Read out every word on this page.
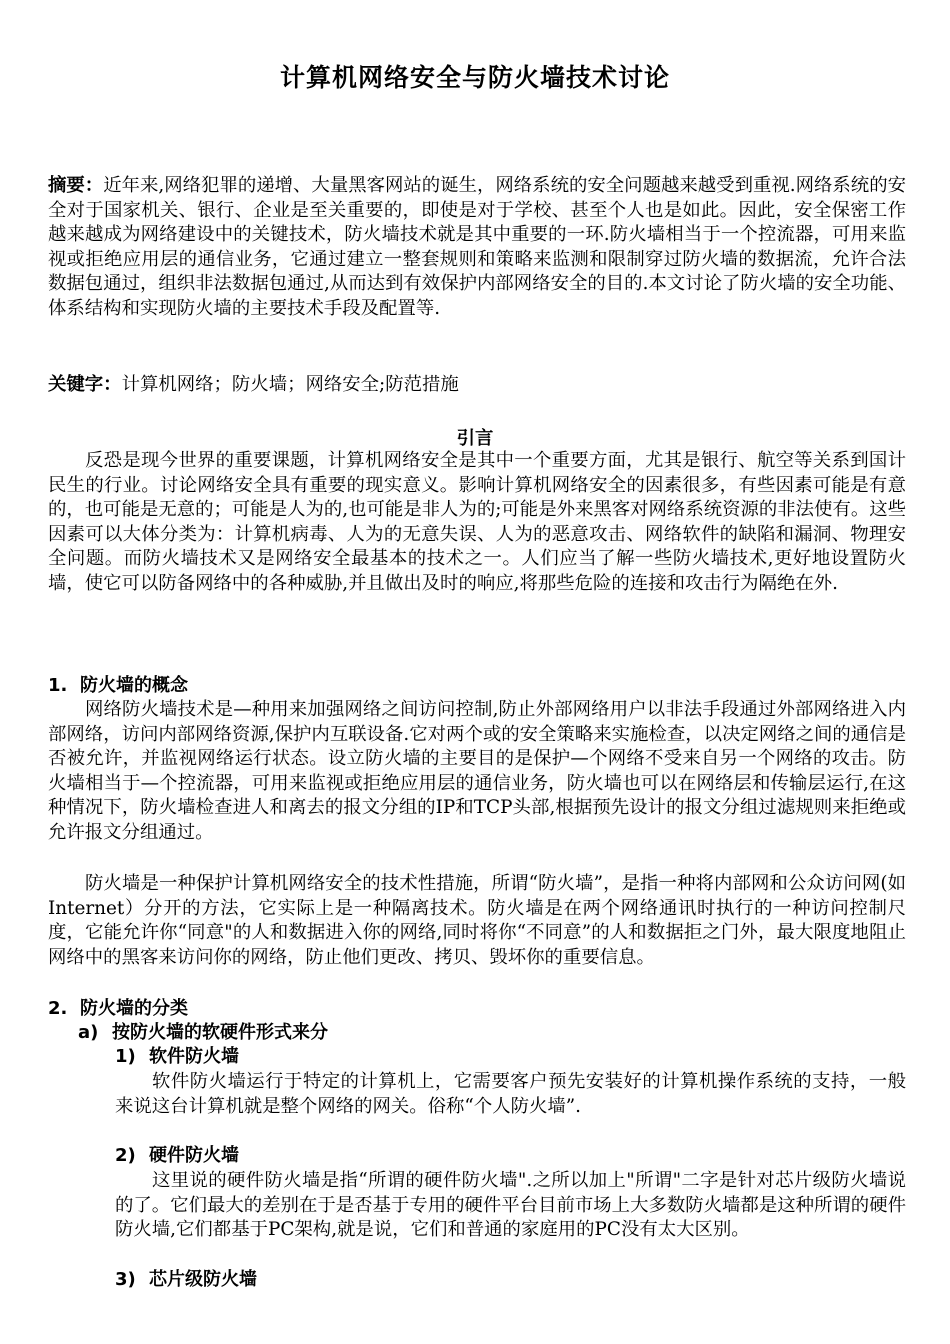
计算机网络安全与防火墙技术讨论

摘要：近年来,网络犯罪的递增、大量黑客网站的诞生，网络系统的安全问题越来越受到重视.网络系统的安全对于国家机关、银行、企业是至关重要的，即使是对于学校、甚至个人也是如此。因此，安全保密工作越来越成为网络建设中的关键技术，防火墙技术就是其中重要的一环.防火墙相当于一个控流器，可用来监视或拒绝应用层的通信业务，它通过建立一整套规则和策略来监测和限制穿过防火墙的数据流，允许合法数据包通过，组织非法数据包通过,从而达到有效保护内部网络安全的目的.本文讨论了防火墙的安全功能、体系结构和实现防火墙的主要技术手段及配置等.

关键字：计算机网络；防火墙；网络安全;防范措施

引言

反恐是现今世界的重要课题，计算机网络安全是其中一个重要方面，尤其是银行、航空等关系到国计民生的行业。讨论网络安全具有重要的现实意义。影响计算机网络安全的因素很多，有些因素可能是有意的，也可能是无意的；可能是人为的,也可能是非人为的;可能是外来黑客对网络系统资源的非法使有。这些因素可以大体分类为：计算机病毒、人为的无意失误、人为的恶意攻击、网络软件的缺陷和漏洞、物理安全问题。而防火墙技术又是网络安全最基本的技术之一。人们应当了解一些防火墙技术,更好地设置防火墙，使它可以防备网络中的各种威胁,并且做出及时的响应,将那些危险的连接和攻击行为隔绝在外.

1. 防火墙的概念

网络防火墙技术是—种用来加强网络之间访问控制,防止外部网络用户以非法手段通过外部网络进入内部网络，访问内部网络资源,保护内互联设备.它对两个或的安全策略来实施检查，以决定网络之间的通信是否被允许，并监视网络运行状态。设立防火墙的主要目的是保护—个网络不受来自另一个网络的攻击。防火墙相当于—个控流器，可用来监视或拒绝应用层的通信业务，防火墙也可以在网络层和传输层运行,在这种情况下，防火墙检查进人和离去的报文分组的IP和TCP头部,根据预先设计的报文分组过滤规则来拒绝或允许报文分组通过。

防火墙是一种保护计算机网络安全的技术性措施，所谓“防火墙”，是指一种将内部网和公众访问网(如Internet）分开的方法，它实际上是一种隔离技术。防火墙是在两个网络通讯时执行的一种访问控制尺度，它能允许你“同意"的人和数据进入你的网络,同时将你“不同意”的人和数据拒之门外，最大限度地阻止网络中的黑客来访问你的网络，防止他们更改、拷贝、毁坏你的重要信息。

2. 防火墙的分类
a) 按防火墙的软硬件形式来分
1) 软件防火墙

软件防火墙运行于特定的计算机上，它需要客户预先安装好的计算机操作系统的支持，一般来说这台计算机就是整个网络的网关。俗称“个人防火墙”.

2) 硬件防火墙

这里说的硬件防火墙是指“所谓的硬件防火墙".之所以加上"所谓"二字是针对芯片级防火墙说的了。它们最大的差别在于是否基于专用的硬件平台目前市场上大多数防火墙都是这种所谓的硬件防火墙,它们都基于PC架构,就是说，它们和普通的家庭用的PC没有太大区别。

3) 芯片级防火墙
